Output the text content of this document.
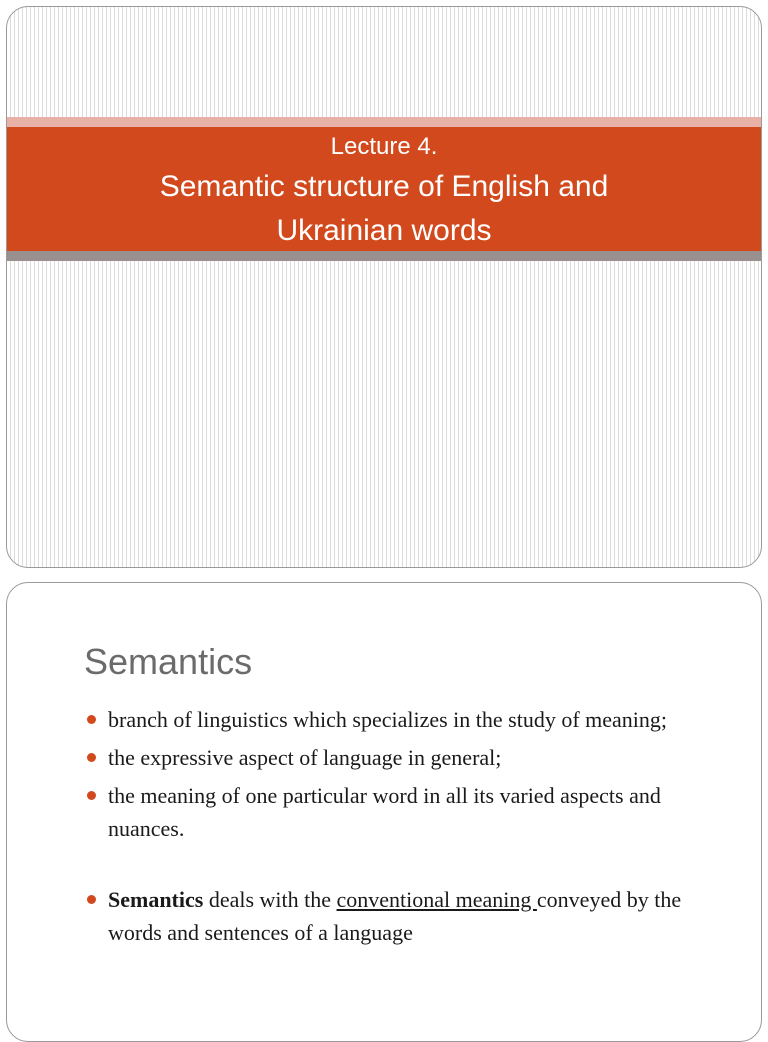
Lecture 4.
Semantic structure of English and
Ukrainian words
Semantics
branch of linguistics which specializes in the study of meaning;
the expressive aspect of language in general;
the meaning of one particular word in all its varied aspects and nuances.
Semantics deals with the conventional meaning conveyed by the words and sentences of a language
